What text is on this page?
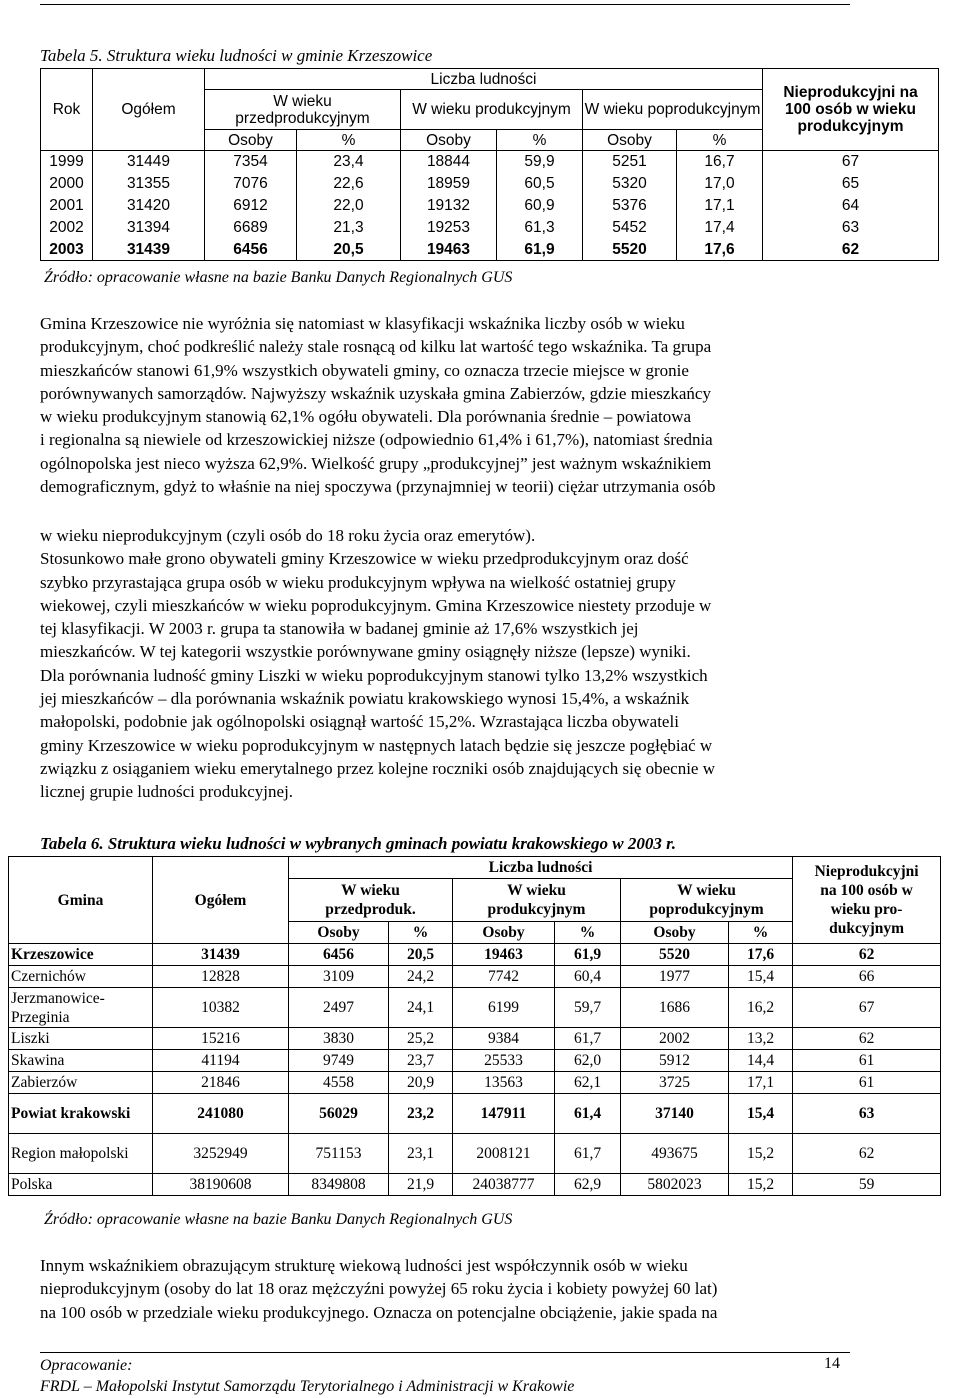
Tabela 5. Struktura wieku ludności w gminie Krzeszowice

Rok	Ogółem	Liczba ludności						Nieprodukcyjni na 100 osób w wieku produkcyjnym
		W wieku przedprodukcyjnym		W wieku produkcyjnym		W wieku poprodukcyjnym		
		Osoby	%	Osoby	%	Osoby	%	
1999	31449	7354	23,4	18844	59,9	5251	16,7	67
2000	31355	7076	22,6	18959	60,5	5320	17,0	65
2001	31420	6912	22,0	19132	60,9	5376	17,1	64
2002	31394	6689	21,3	19253	61,3	5452	17,4	63
2003	31439	6456	20,5	19463	61,9	5520	17,6	62

Źródło: opracowanie własne na bazie Banku Danych Regionalnych GUS

Gmina Krzeszowice nie wyróżnia się natomiast w klasyfikacji wskaźnika liczby osób w wieku
produkcyjnym, choć podkreślić należy stale rosnącą od kilku lat wartość tego wskaźnika. Ta grupa
mieszkańców stanowi 61,9% wszystkich obywateli gminy, co oznacza trzecie miejsce w gronie
porównywanych samorządów. Najwyższy wskaźnik uzyskała gmina Zabierzów, gdzie mieszkańcy
w wieku produkcyjnym stanowią 62,1% ogółu obywateli. Dla porównania średnie – powiatowa
i regionalna są niewiele od krzeszowickiej niższe (odpowiednio 61,4% i 61,7%), natomiast średnia
ogólnopolska jest nieco wyższa 62,9%. Wielkość grupy „produkcyjnej” jest ważnym wskaźnikiem
demograficznym, gdyż to właśnie na niej spoczywa (przynajmniej w teorii) ciężar utrzymania osób
w wieku nieprodukcyjnym (czyli osób do 18 roku życia oraz emerytów).
Stosunkowo małe grono obywateli gminy Krzeszowice w wieku przedprodukcyjnym oraz dość
szybko przyrastająca grupa osób w wieku produkcyjnym wpływa na wielkość ostatniej grupy
wiekowej, czyli mieszkańców w wieku poprodukcyjnym. Gmina Krzeszowice niestety przoduje w
tej klasyfikacji. W 2003 r. grupa ta stanowiła w badanej gminie aż 17,6% wszystkich jej
mieszkańców. W tej kategorii wszystkie porównywane gminy osiągnęły niższe (lepsze) wyniki.
Dla porównania ludność gminy Liszki w wieku poprodukcyjnym stanowi tylko 13,2% wszystkich
jej mieszkańców – dla porównania wskaźnik powiatu krakowskiego wynosi 15,4%, a wskaźnik
małopolski, podobnie jak ogólnopolski osiągnął wartość 15,2%. Wzrastająca liczba obywateli
gminy Krzeszowice w wieku poprodukcyjnym w następnych latach będzie się jeszcze pogłębiać w
związku z osiąganiem wieku emerytalnego przez kolejne roczniki osób znajdujących się obecnie w
licznej grupie ludności produkcyjnej.

Tabela 6. Struktura wieku ludności w wybranych gminach powiatu krakowskiego w 2003 r.

Gmina	Ogółem	Liczba ludności						Nieprodukcyjni na 100 osób w wieku pro-dukcyjnym
		W wieku przedproduk.		W wieku produkcyjnym		W wieku poprodukcyjnym		
		Osoby	%	Osoby	%	Osoby	%	
Krzeszowice	31439	6456	20,5	19463	61,9	5520	17,6	62
Czernichów	12828	3109	24,2	7742	60,4	1977	15,4	66
Jerzmanowice-Przeginia	10382	2497	24,1	6199	59,7	1686	16,2	67
Liszki	15216	3830	25,2	9384	61,7	2002	13,2	62
Skawina	41194	9749	23,7	25533	62,0	5912	14,4	61
Zabierzów	21846	4558	20,9	13563	62,1	3725	17,1	61
Powiat krakowski	241080	56029	23,2	147911	61,4	37140	15,4	63
Region małopolski	3252949	751153	23,1	2008121	61,7	493675	15,2	62
Polska	38190608	8349808	21,9	24038777	62,9	5802023	15,2	59

Źródło: opracowanie własne na bazie Banku Danych Regionalnych GUS

Innym wskaźnikiem obrazującym strukturę wiekową ludności jest współczynnik osób w wieku
nieprodukcyjnym (osoby do lat 18 oraz mężczyźni powyżej 65 roku życia i kobiety powyżej 60 lat)
na 100 osób w przedziale wieku produkcyjnego. Oznacza on potencjalne obciążenie, jakie spada na
Opracowanie:
FRDL – Małopolski Instytut Samorządu Terytorialnego i Administracji w Krakowie
14
